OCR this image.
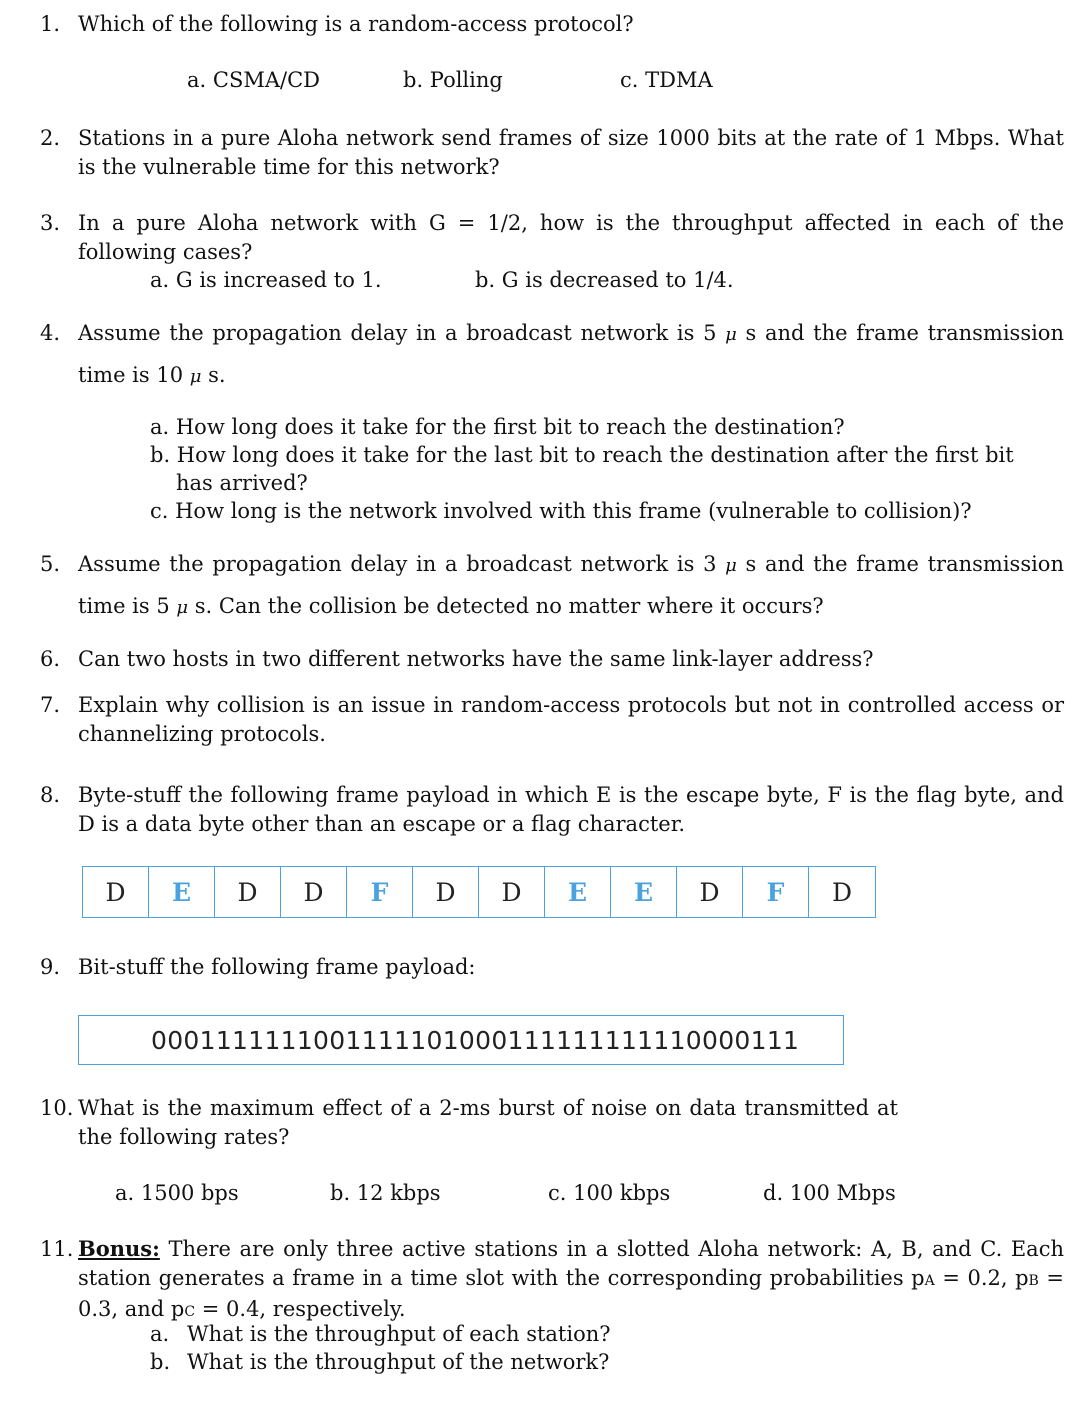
1. Which of the following is a random-access protocol?
a. CSMA/CD	b. Polling	c. TDMA
2. Stations in a pure Aloha network send frames of size 1000 bits at the rate of 1 Mbps. What is the vulnerable time for this network?
3. In a pure Aloha network with G = 1/2, how is the throughput affected in each of the following cases?
a. G is increased to 1.	b. G is decreased to 1/4.
4. Assume the propagation delay in a broadcast network is 5 μ s and the frame transmission time is 10 μ s.
a. How long does it take for the first bit to reach the destination?
b. How long does it take for the last bit to reach the destination after the first bit has arrived?
c. How long is the network involved with this frame (vulnerable to collision)?
5. Assume the propagation delay in a broadcast network is 3 μ s and the frame transmission time is 5 μ s. Can the collision be detected no matter where it occurs?
6. Can two hosts in two different networks have the same link-layer address?
7. Explain why collision is an issue in random-access protocols but not in controlled access or channelizing protocols.
8. Byte-stuff the following frame payload in which E is the escape byte, F is the flag byte, and D is a data byte other than an escape or a flag character.
D	E	D	D	F	D	D	E	E	D	F	D
9. Bit-stuff the following frame payload:
0001111111001111101000111111111110000111
10. What is the maximum effect of a 2-ms burst of noise on data transmitted at the following rates?
a. 1500 bps	b. 12 kbps	c. 100 kbps	d. 100 Mbps
11. Bonus: There are only three active stations in a slotted Aloha network: A, B, and C. Each station generates a frame in a time slot with the corresponding probabilities pA = 0.2, pB = 0.3, and pC = 0.4, respectively.
a. What is the throughput of each station?
b. What is the throughput of the network?
